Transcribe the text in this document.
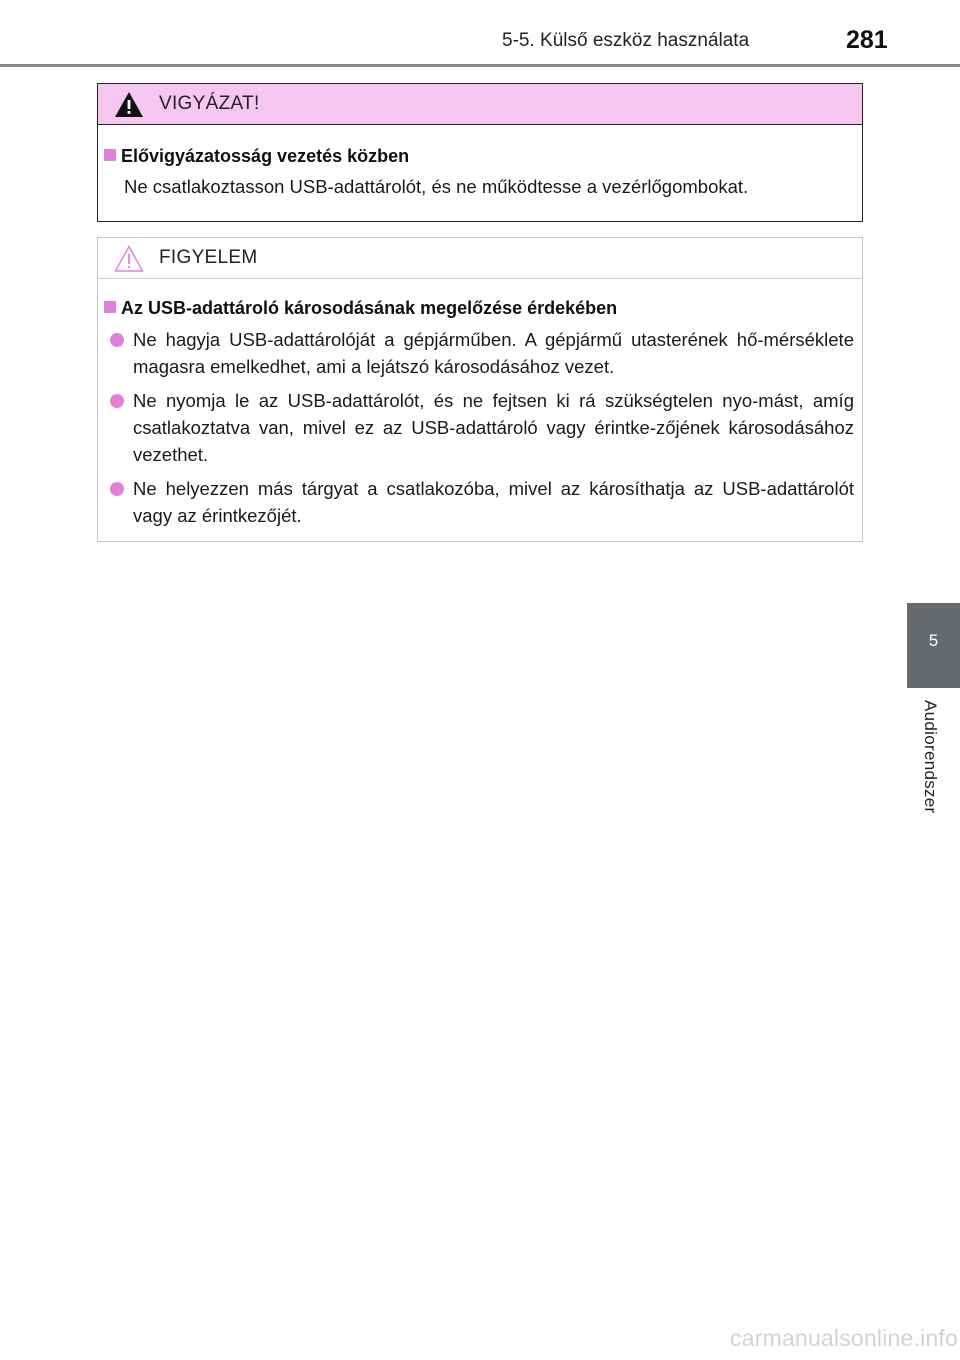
5-5. Külső eszköz használata	281
VIGYÁZAT!
Elővigyázatosság vezetés közben
Ne csatlakoztasson USB-adattárolót, és ne működtesse a vezérlőgombokat.
FIGYELEM
Az USB-adattároló károsodásának megelőzése érdekében
Ne hagyja USB-adattárolóját a gépjárműben. A gépjármű utasterének hő-mérséklete magasra emelkedhet, ami a lejátszó károsodásához vezet.
Ne nyomja le az USB-adattárolót, és ne fejtsen ki rá szükségtelen nyo-mást, amíg csatlakoztatva van, mivel ez az USB-adattároló vagy érintke-zőjének károsodásához vezethet.
Ne helyezzen más tárgyat a csatlakozóba, mivel az károsíthatja az USB-adattárolót vagy az érintkezőjét.
5
Audiorendszer
carmanualsonline.info
